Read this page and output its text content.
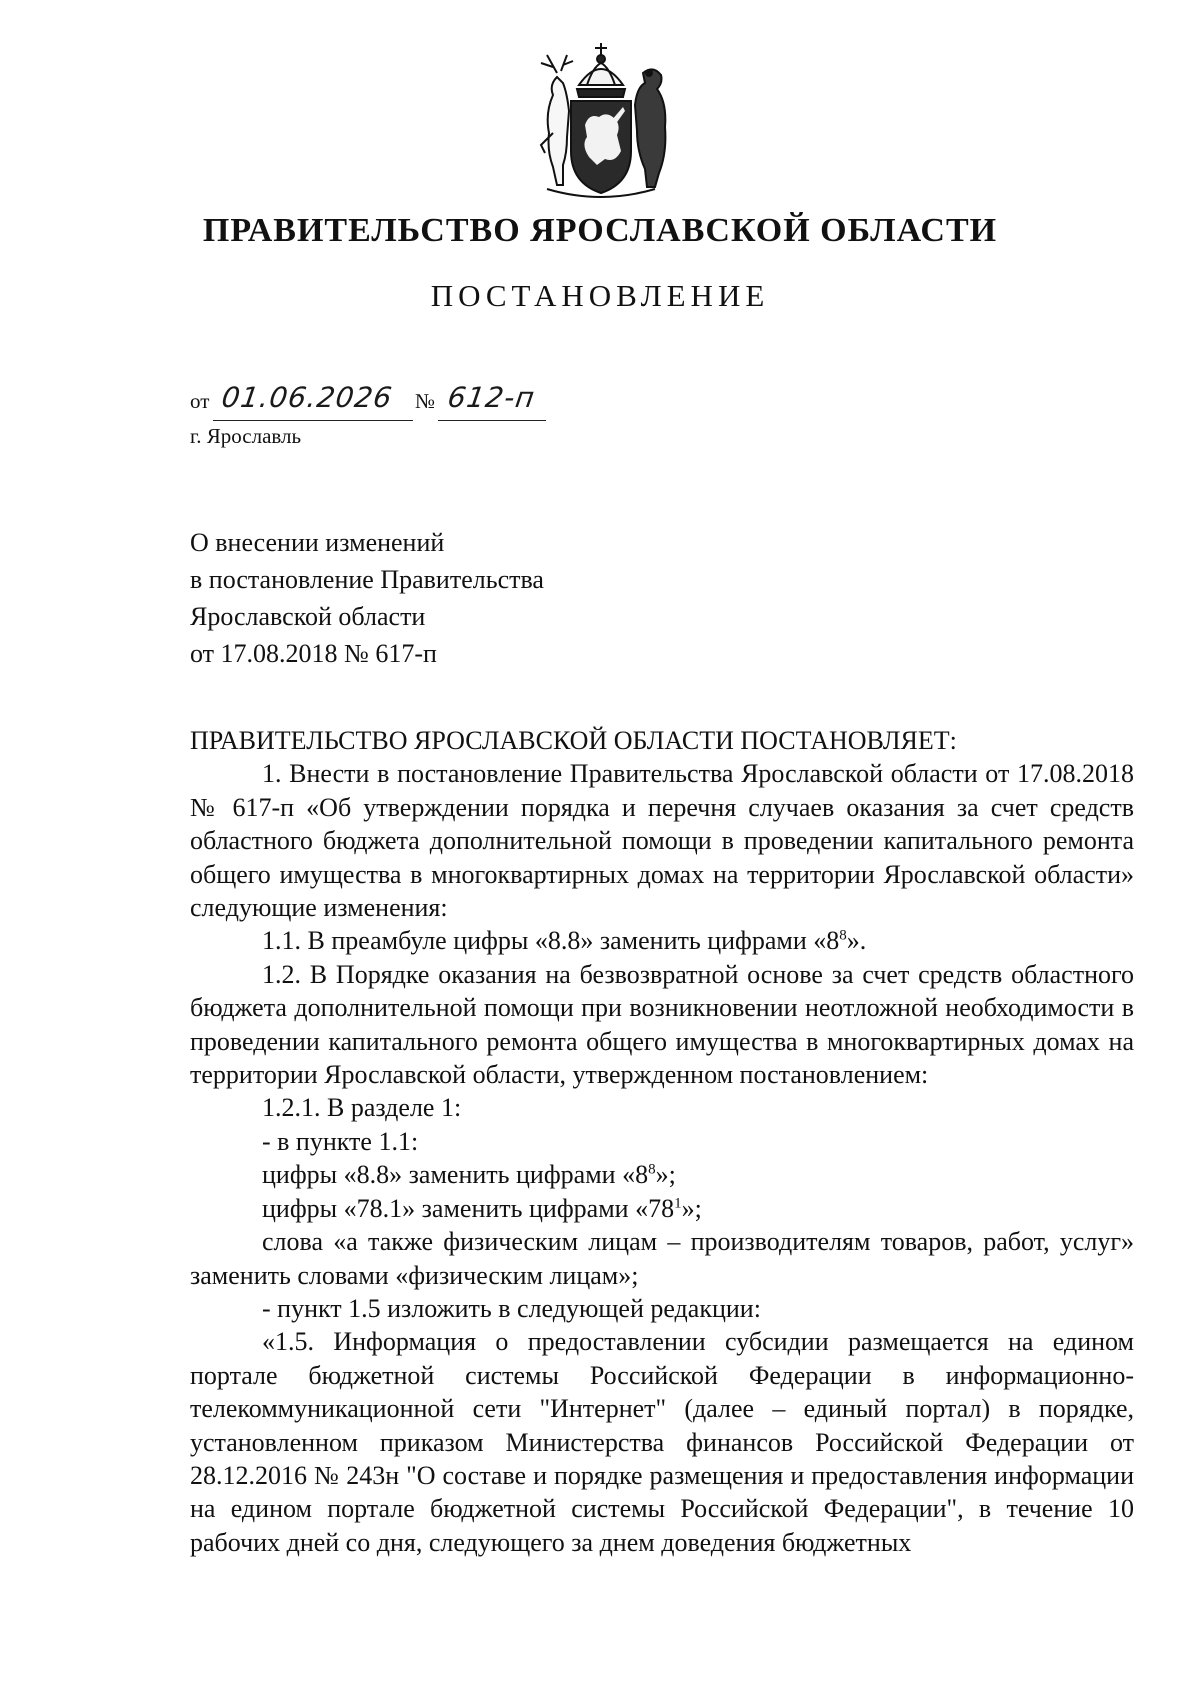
ПРАВИТЕЛЬСТВО ЯРОСЛАВСКОЙ ОБЛАСТИ
ПОСТАНОВЛЕНИЕ
от 01.06.2026 № 612-п
г. Ярославль
О внесении изменений
в постановление Правительства
Ярославской области
от 17.08.2018 № 617-п

ПРАВИТЕЛЬСТВО ЯРОСЛАВСКОЙ ОБЛАСТИ ПОСТАНОВЛЯЕТ:

1. Внести в постановление Правительства Ярославской области от 17.08.2018 № 617-п «Об утверждении порядка и перечня случаев оказания за счет средств областного бюджета дополнительной помощи в проведении капитального ремонта общего имущества в многоквартирных домах на территории Ярославской области» следующие изменения:

1.1. В преамбуле цифры «8.8» заменить цифрами «$8^8$».

1.2. В Порядке оказания на безвозвратной основе за счет средств областного бюджета дополнительной помощи при возникновении неотложной необходимости в проведении капитального ремонта общего имущества в многоквартирных домах на территории Ярославской области, утвержденном постановлением:

1.2.1. В разделе 1:

- в пункте 1.1:

цифры «8.8» заменить цифрами «$8^8$»;

цифры «78.1» заменить цифрами «$78^1$»;

слова «а также физическим лицам – производителям товаров, работ, услуг» заменить словами «физическим лицам»;

- пункт 1.5 изложить в следующей редакции:

«1.5. Информация о предоставлении субсидии размещается на едином портале бюджетной системы Российской Федерации в информационно-телекоммуникационной сети "Интернет" (далее – единый портал) в порядке, установленном приказом Министерства финансов Российской Федерации от 28.12.2016 № 243н "О составе и порядке размещения и предоставления информации на едином портале бюджетной системы Российской Федерации", в течение 10 рабочих дней со дня, следующего за днем доведения бюджетных
